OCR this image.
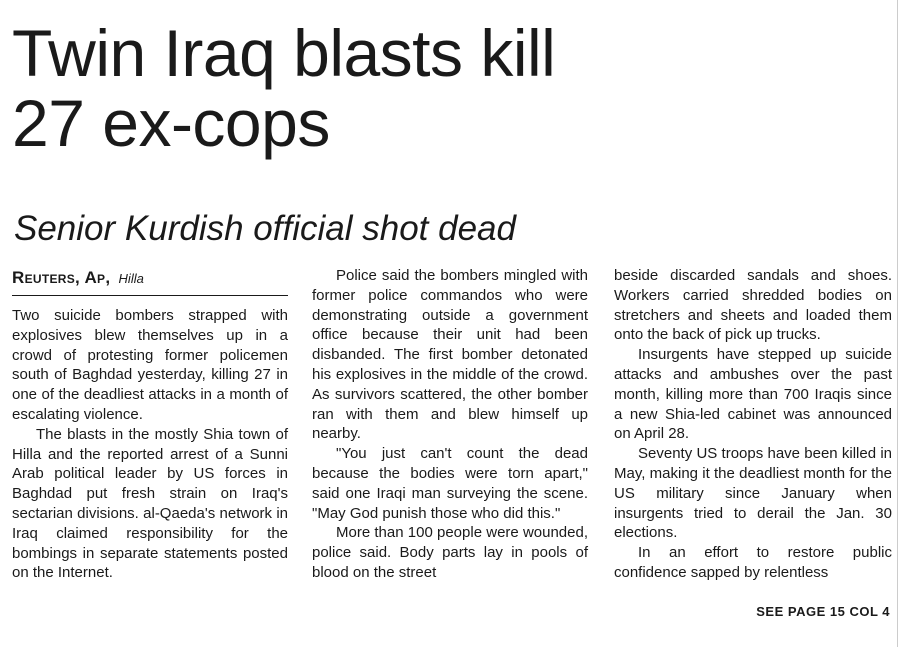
Twin Iraq blasts kill
27 ex-cops
Senior Kurdish official shot dead
Reuters, Ap, Hilla

Two suicide bombers strapped with explosives blew themselves up in a crowd of protesting former policemen south of Baghdad yesterday, killing 27 in one of the deadliest attacks in a month of escalating violence.

The blasts in the mostly Shia town of Hilla and the reported arrest of a Sunni Arab political leader by US forces in Baghdad put fresh strain on Iraq's sectarian divisions. al-Qaeda's network in Iraq claimed responsibility for the bombings in separate statements posted on the Internet.

Police said the bombers mingled with former police commandos who were demonstrating outside a government office because their unit had been disbanded. The first bomber detonated his explosives in the middle of the crowd. As survivors scattered, the other bomber ran with them and blew himself up nearby.

"You just can't count the dead because the bodies were torn apart," said one Iraqi man surveying the scene. "May God punish those who did this."

More than 100 people were wounded, police said. Body parts lay in pools of blood on the street

beside discarded sandals and shoes. Workers carried shredded bodies on stretchers and sheets and loaded them onto the back of pick up trucks.

Insurgents have stepped up suicide attacks and ambushes over the past month, killing more than 700 Iraqis since a new Shia-led cabinet was announced on April 28.

Seventy US troops have been killed in May, making it the deadliest month for the US military since January when insurgents tried to derail the Jan. 30 elections.

In an effort to restore public confidence sapped by relentless

SEE PAGE 15 COL 4
